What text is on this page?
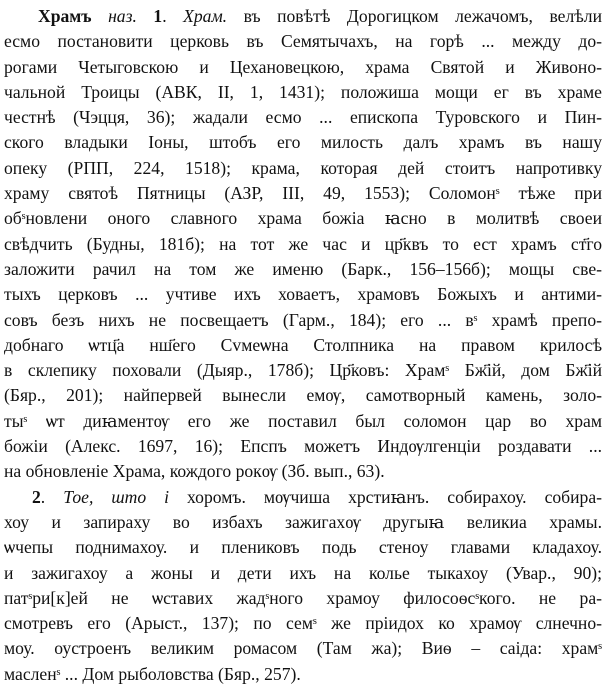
Храмъ наз. 1. Храм. въ повѣтѣ Дорогицком лежачомъ, велѣли
есмо постановити церковь въ Семятычахъ, на горѣ ... между до-
рогами Четыговскою и Цехановецкою, храма Святой и Живоно-
чальной Троицы (АВК, II, 1, 1431); положиша мощи ег въ храме
честнѣ (Чэцця, 36); жадали есмо ... епископа Туровского и Пин-
ского владыки Іоны, штобъ его милость далъ храмъ въ нашу
опеку (РПП, 224, 1518); крама, которая дей стоитъ напротивку
храму святоѣ Пятницы (АЗР, III, 49, 1553); Соломонˢ тѣже при
обˢновлени оного славного храма божіа ꙗсно в молитвѣ своеи
свѣдчить (Будны, 181б); на тот же час и цр҃квъ то ест храмъ ст҃го
заложити рачил на том же именю (Барк., 156–156б); мощы све-
тыхъ церковъ ... учтиве ихъ ховаетъ, храмовъ Божыхъ и антими-
совъ безъ нихъ не посвещаетъ (Гарм., 184); его ... вˢ храмѣ препо-
добнаго ѡтц҃а нш҃его Сvмеѡна Столпника на правом крилосѣ
в склепику поховали (Дыяр., 178б); Цр҃ковъ: Храмˢ Бж҃ій, дом Бж҃ій
(Бяр., 201); найпервей вынесли емѹ, самотворный камень, золо-
тыˢ ѡт диꙗментѹ его же поставил был соломон цар во храм
божіи (Алекс. 1697, 16); Епспъ можетъ Индѹлгенціи роздавати ...
на обновленіе Храма, кождого рокѹ (Зб. вып., 63).
2. Тое, што і хоромъ. мѹчиша хрстиꙗнъ. собирахоу. собира-
хоу и запираху во избахъ зажигахѹ другыꙗ великиа храмы.
ѡчепы поднимахоу. и плениковъ подь стеноу главами кладахоу.
и зажигахоу а жоны и дети ихъ на колье тыкахоу (Увар., 90);
патˢри[к]ей не ѡставих жадˢного храмоу филосоѳсˢкого. не ра-
смотревъ его (Арыст., 137); по семˢ же пріидох ко храмѹ слнечно-
моу. оустроенъ великим ромасом (Там жа); Виѳ – саіда: храмˢ
масленˢ ... Дом рыболовства (Бяр., 257).
